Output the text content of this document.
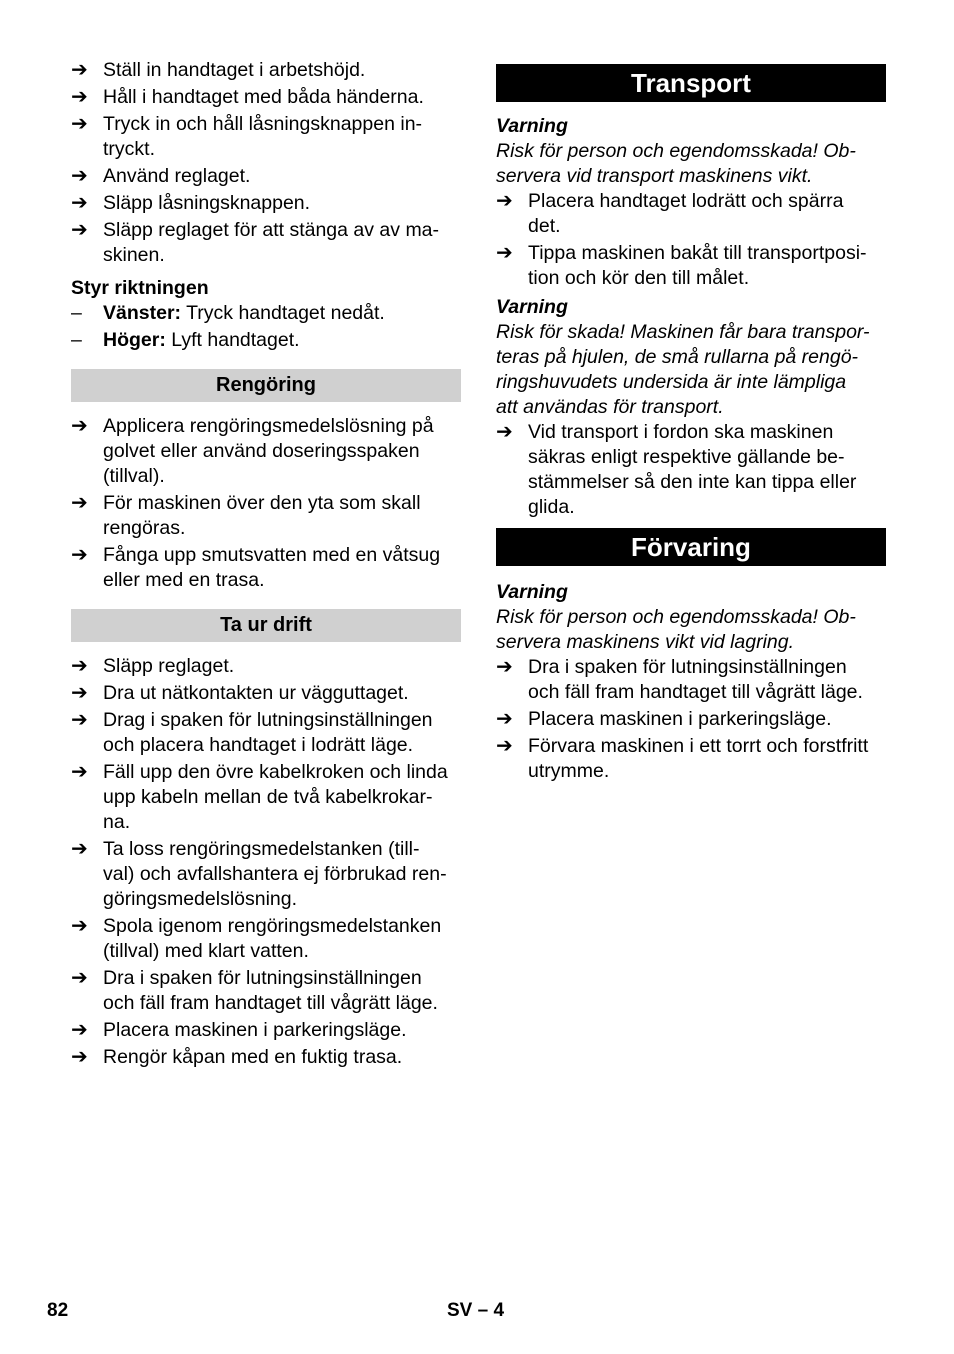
➔ Ställ in handtaget i arbetshöjd.
➔ Håll i handtaget med båda händerna.
➔ Tryck in och håll låsningsknappen in-
tryckt.
➔ Använd reglaget.
➔ Släpp låsningsknappen.
➔ Släpp reglaget för att stänga av av ma-
skinen.
Styr riktningen
–	Vänster: Tryck handtaget nedåt.
–	Höger: Lyft handtaget.
Rengöring
➔ Applicera rengöringsmedelslösning på
golvet eller använd doseringsspaken
(tillval).
➔ För maskinen över den yta som skall
rengöras.
➔ Fånga upp smutsvatten med en våtsug
eller med en trasa.
Ta ur drift
➔ Släpp reglaget.
➔ Dra ut nätkontakten ur vägguttaget.
➔ Drag i spaken för lutningsinställningen
och placera handtaget i lodrätt läge.
➔ Fäll upp den övre kabelkroken och linda
upp kabeln mellan de två kabelkrokar-
na.
➔ Ta loss rengöringsmedelstanken (till-
val) och avfallshantera ej förbrukad ren-
göringsmedelslösning.
➔ Spola igenom rengöringsmedelstanken
(tillval) med klart vatten.
➔ Dra i spaken för lutningsinställningen
och fäll fram handtaget till vågrätt läge.
➔ Placera maskinen i parkeringsläge.
➔ Rengör kåpan med en fuktig trasa.
Transport
Varning
Risk för person och egendomsskada! Ob-
servera vid transport maskinens vikt.
➔ Placera handtaget lodrätt och spärra
det.
➔ Tippa maskinen bakåt till transportposi-
tion och kör den till målet.
Varning
Risk för skada! Maskinen får bara transpor-
teras på hjulen, de små rullarna på rengö-
ringshuvudets undersida är inte lämpliga
att användas för transport.
➔ Vid transport i fordon ska maskinen
säkras enligt respektive gällande be-
stämmelser så den inte kan tippa eller
glida.
Förvaring
Varning
Risk för person och egendomsskada! Ob-
servera maskinens vikt vid lagring.
➔ Dra i spaken för lutningsinställningen
och fäll fram handtaget till vågrätt läge.
➔ Placera maskinen i parkeringsläge.
➔ Förvara maskinen i ett torrt och forstfritt
utrymme.
82	SV – 4
